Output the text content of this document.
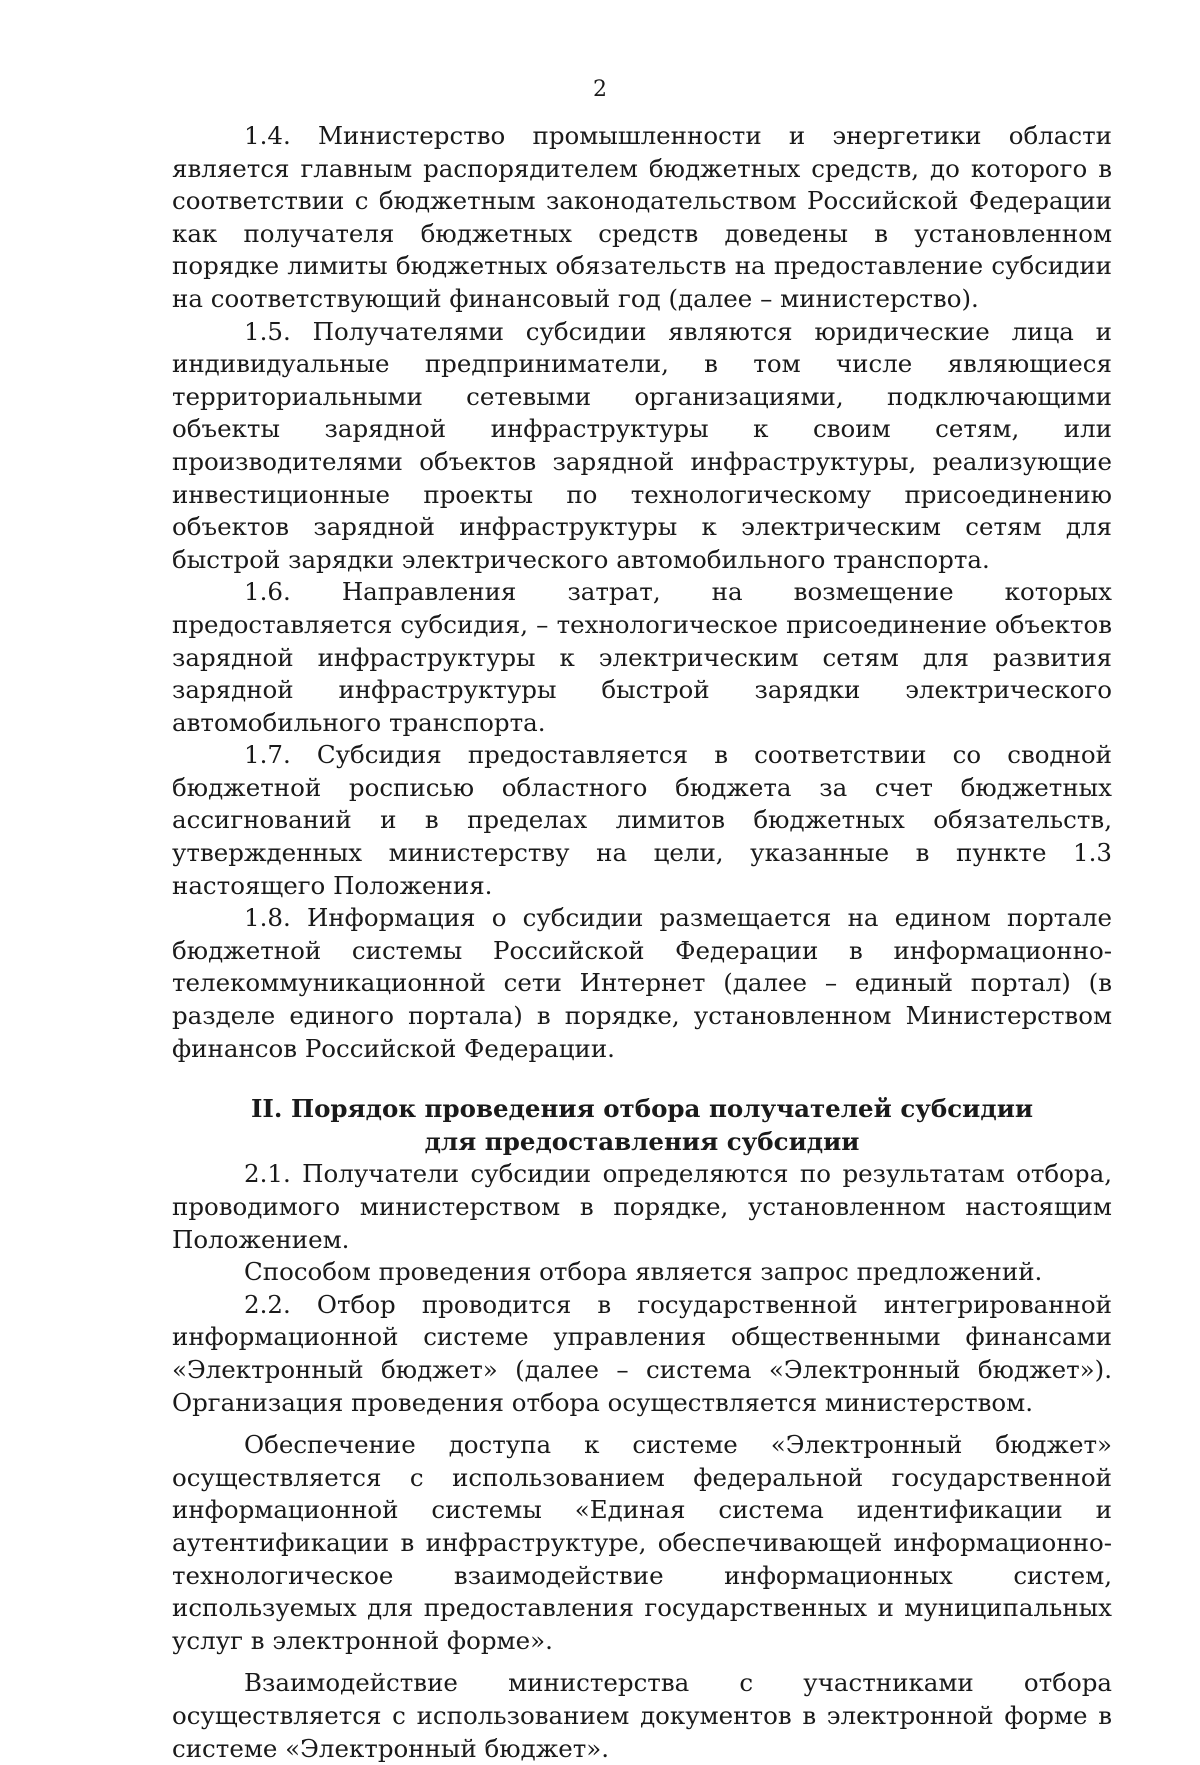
2

1.4. Министерство промышленности и энергетики области является главным распорядителем бюджетных средств, до которого в соответствии с бюджетным законодательством Российской Федерации как получателя бюджетных средств доведены в установленном порядке лимиты бюджетных обязательств на предоставление субсидии на соответствующий финансовый год (далее – министерство).

1.5. Получателями субсидии являются юридические лица и индивидуальные предприниматели, в том числе являющиеся территориальными сетевыми организациями, подключающими объекты зарядной инфраструктуры к своим сетям, или производителями объектов зарядной инфраструктуры, реализующие инвестиционные проекты по технологическому присоединению объектов зарядной инфраструктуры к электрическим сетям для быстрой зарядки электрического автомобильного транспорта.

1.6. Направления затрат, на возмещение которых предоставляется субсидия, – технологическое присоединение объектов зарядной инфраструктуры к электрическим сетям для развития зарядной инфраструктуры быстрой зарядки электрического автомобильного транспорта.

1.7. Субсидия предоставляется в соответствии со сводной бюджетной росписью областного бюджета за счет бюджетных ассигнований и в пределах лимитов бюджетных обязательств, утвержденных министерству на цели, указанные в пункте 1.3 настоящего Положения.

1.8. Информация о субсидии размещается на едином портале бюджетной системы Российской Федерации в информационно-телекоммуникационной сети Интернет (далее – единый портал) (в разделе единого портала) в порядке, установленном Министерством финансов Российской Федерации.

II. Порядок проведения отбора получателей субсидии
для предоставления субсидии

2.1. Получатели субсидии определяются по результатам отбора, проводимого министерством в порядке, установленном настоящим Положением.

Способом проведения отбора является запрос предложений.

2.2. Отбор проводится в государственной интегрированной информационной системе управления общественными финансами «Электронный бюджет» (далее – система «Электронный бюджет»). Организация проведения отбора осуществляется министерством.

Обеспечение доступа к системе «Электронный бюджет» осуществляется с использованием федеральной государственной информационной системы «Единая система идентификации и аутентификации в инфраструктуре, обеспечивающей информационно-технологическое взаимодействие информационных систем, используемых для предоставления государственных и муниципальных услуг в электронной форме».

Взаимодействие министерства с участниками отбора осуществляется с использованием документов в электронной форме в системе «Электронный бюджет».
